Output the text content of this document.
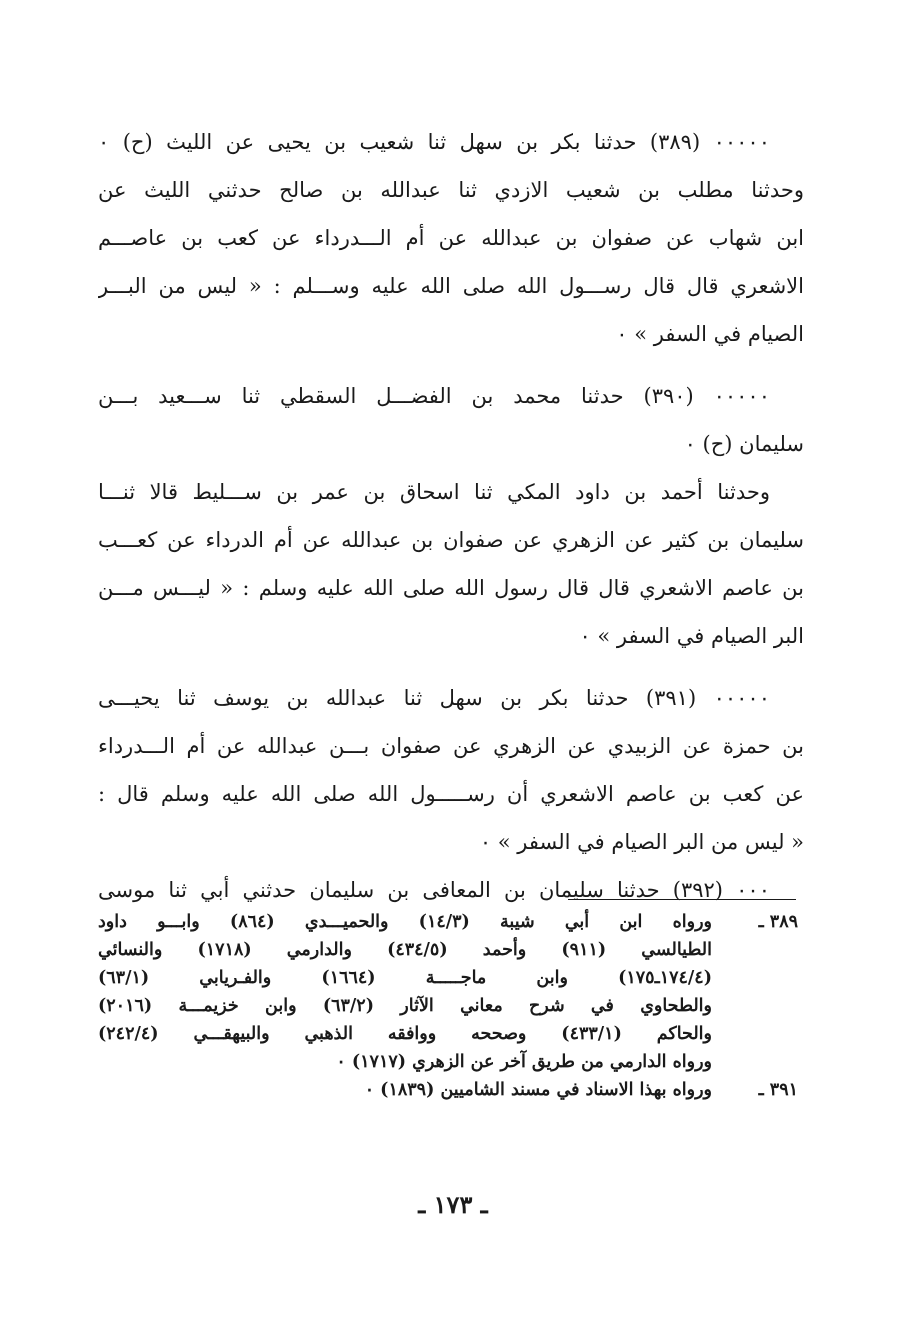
٠٠٠٠٠ (٣٨٩) حدثنا بكر بن سهل ثنا شعيب بن يحيى عن الليث (ح) ٠
وحدثنا مطلب بن شعيب الازدي ثنا عبدالله بن صالح حدثني الليث عن
ابن شهاب عن صفوان بن عبدالله عن أم الـــدرداء عن كعب بن عاصـــم
الاشعري قال قال رســـول الله صلى الله عليه وســـلم : « ليس من البـــر
الصيام في السفر » ٠
٠٠٠٠٠ (٣٩٠) حدثنا محمد بن الفضـــل السقطي ثنا ســـعيد بـــن
سليمان (ح) ٠
وحدثنا أحمد بن داود المكي ثنا اسحاق بن عمر بن ســـليط قالا ثنـــا
سليمان بن كثير عن الزهري عن صفوان بن عبدالله عن أم الدرداء عن كعـــب
بن عاصم الاشعري قال قال رسول الله صلى الله عليه وسلم : « ليـــس مـــن
البر الصيام في السفر » ٠
٠٠٠٠٠ (٣٩١) حدثنا بكر بن سهل ثنا عبدالله بن يوسف ثنا يحيـــى
بن حمزة عن الزبيدي عن الزهري عن صفوان بـــن عبدالله عن أم الـــدرداء
عن كعب بن عاصم الاشعري أن رســـــول الله صلى الله عليه وسلم قال :
« ليس من البر الصيام في السفر » ٠
٠٠٠ (٣٩٢) حدثنا سليمان بن المعافى بن سليمان حدثني أبي ثنا موسى
٣٨٩ ـ
ورواه ابن أبي شيبة (١٤/٣) والحميـــدي (٨٦٤) وابـــو داود
الطيالسي (٩١١) وأحمد (٤٣٤/٥) والدارمي (١٧١٨) والنسائي
(١٧٤/٤ـ١٧٥) وابن ماجـــــة (١٦٦٤) والفـريابي (٦٣/١)
والطحاوي في شرح معاني الآثار (٦٣/٢) وابن خزيمـــة (٢٠١٦)
والحاكم (٤٣٣/١) وصححه ووافقه الذهبي والبيهقـــي (٢٤٢/٤)
ورواه الدارمي من طريق آخر عن الزهري (١٧١٧) ٠
٣٩١ ـ
ورواه بهذا الاسناد في مسند الشاميين (١٨٣٩) ٠
ـ ١٧٣ ـ
